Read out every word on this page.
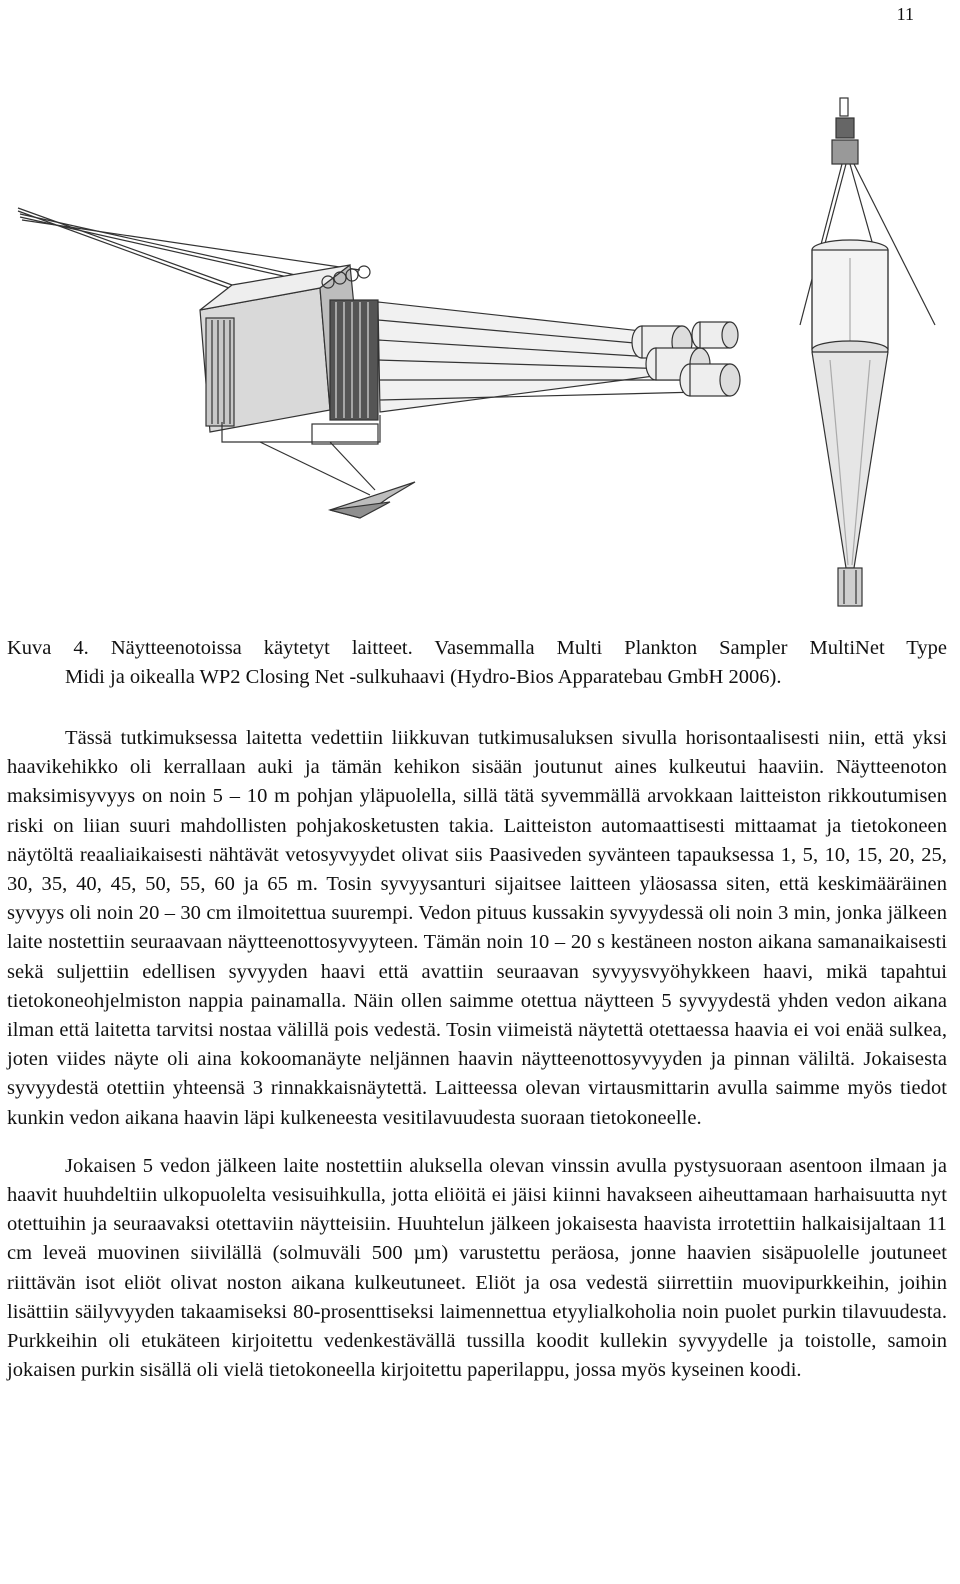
11
Kuva 4. Näytteenotoissa käytetyt laitteet. Vasemmalla Multi Plankton Sampler MultiNet Type
Midi ja oikealla WP2 Closing Net -sulkuhaavi (Hydro-Bios Apparatebau GmbH 2006).

Tässä tutkimuksessa laitetta vedettiin liikkuvan tutkimusaluksen sivulla horisontaalisesti niin, että yksi haavikehikko oli kerrallaan auki ja tämän kehikon sisään joutunut aines kulkeutui haaviin. Näytteenoton maksimisyvyys on noin 5 – 10 m pohjan yläpuolella, sillä tätä syvemmällä arvokkaan laitteiston rikkoutumisen riski on liian suuri mahdollisten pohjakosketusten takia. Laitteiston automaattisesti mittaamat ja tietokoneen näytöltä reaaliaikaisesti nähtävät vetosyvyydet olivat siis Paasiveden syvänteen tapauksessa 1, 5, 10, 15, 20, 25, 30, 35, 40, 45, 50, 55, 60 ja 65 m. Tosin syvyysanturi sijaitsee laitteen yläosassa siten, että keskimääräinen syvyys oli noin 20 – 30 cm ilmoitettua suurempi. Vedon pituus kussakin syvyydessä oli noin 3 min, jonka jälkeen laite nostettiin seuraavaan näytteenottosyvyyteen. Tämän noin 10 – 20 s kestäneen noston aikana samanaikaisesti sekä suljettiin edellisen syvyyden haavi että avattiin seuraavan syvyysvyöhykkeen haavi, mikä tapahtui tietokoneohjelmiston nappia painamalla. Näin ollen saimme otettua näytteen 5 syvyydestä yhden vedon aikana ilman että laitetta tarvitsi nostaa välillä pois vedestä. Tosin viimeistä näytettä otettaessa haavia ei voi enää sulkea, joten viides näyte oli aina kokoomanäyte neljännen haavin näytteenottosyvyyden ja pinnan väliltä. Jokaisesta syvyydestä otettiin yhteensä 3 rinnakkaisnäytettä. Laitteessa olevan virtausmittarin avulla saimme myös tiedot kunkin vedon aikana haavin läpi kulkeneesta vesitilavuudesta suoraan tietokoneelle.

Jokaisen 5 vedon jälkeen laite nostettiin aluksella olevan vinssin avulla pystysuoraan asentoon ilmaan ja haavit huuhdeltiin ulkopuolelta vesisuihkulla, jotta eliöitä ei jäisi kiinni havakseen aiheuttamaan harhaisuutta nyt otettuihin ja seuraavaksi otettaviin näytteisiin. Huuhtelun jälkeen jokaisesta haavista irrotettiin halkaisijaltaan 11 cm leveä muovinen siivilällä (solmuväli 500 µm) varustettu peräosa, jonne haavien sisäpuolelle joutuneet riittävän isot eliöt olivat noston aikana kulkeutuneet. Eliöt ja osa vedestä siirrettiin muovipurkkeihin, joihin lisättiin säilyvyyden takaamiseksi 80-prosenttiseksi laimennettua etyylialkoholia noin puolet purkin tilavuudesta. Purkkeihin oli etukäteen kirjoitettu vedenkestävällä tussilla koodit kullekin syvyydelle ja toistolle, samoin jokaisen purkin sisällä oli vielä tietokoneella kirjoitettu paperilappu, jossa myös kyseinen koodi.
